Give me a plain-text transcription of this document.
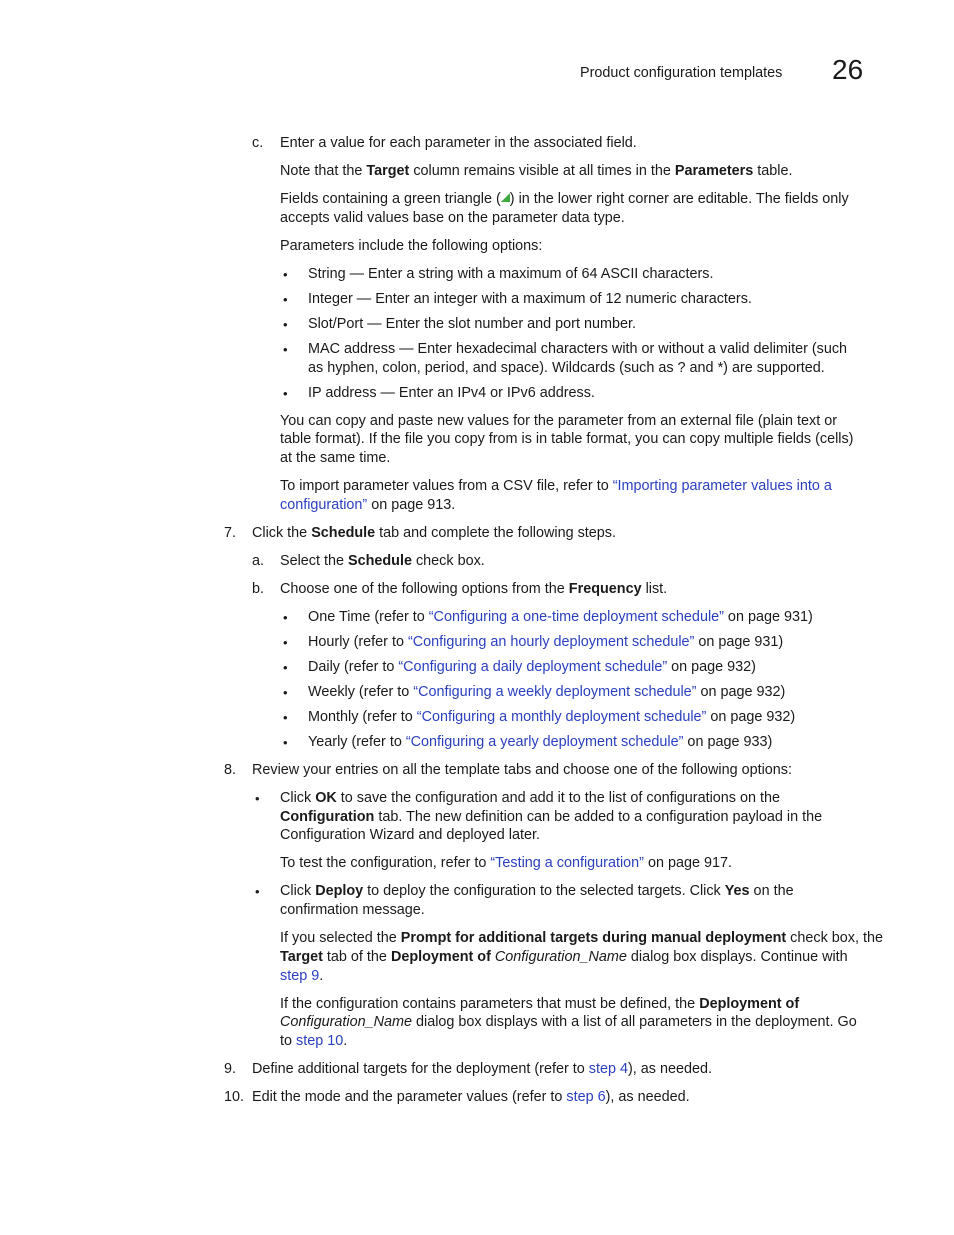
Product configuration templates 26
c. Enter a value for each parameter in the associated field.
Note that the Target column remains visible at all times in the Parameters table.
Fields containing a green triangle ( ) in the lower right corner are editable. The fields only
accepts valid values base on the parameter data type.
Parameters include the following options:
• String — Enter a string with a maximum of 64 ASCII characters.
• Integer — Enter an integer with a maximum of 12 numeric characters.
• Slot/Port — Enter the slot number and port number.
• MAC address — Enter hexadecimal characters with or without a valid delimiter (such
as hyphen, colon, period, and space). Wildcards (such as ? and *) are supported.
• IP address — Enter an IPv4 or IPv6 address.
You can copy and paste new values for the parameter from an external file (plain text or
table format). If the file you copy from is in table format, you can copy multiple fields (cells)
at the same time.
To import parameter values from a CSV file, refer to “Importing parameter values into a
configuration” on page 913.
7. Click the Schedule tab and complete the following steps.
a. Select the Schedule check box.
b. Choose one of the following options from the Frequency list.
• One Time (refer to “Configuring a one-time deployment schedule” on page 931)
• Hourly (refer to “Configuring an hourly deployment schedule” on page 931)
• Daily (refer to “Configuring a daily deployment schedule” on page 932)
• Weekly (refer to “Configuring a weekly deployment schedule” on page 932)
• Monthly (refer to “Configuring a monthly deployment schedule” on page 932)
• Yearly (refer to “Configuring a yearly deployment schedule” on page 933)
8. Review your entries on all the template tabs and choose one of the following options:
• Click OK to save the configuration and add it to the list of configurations on the
Configuration tab. The new definition can be added to a configuration payload in the
Configuration Wizard and deployed later.
To test the configuration, refer to “Testing a configuration” on page 917.
• Click Deploy to deploy the configuration to the selected targets. Click Yes on the
confirmation message.
If you selected the Prompt for additional targets during manual deployment check box, the
Target tab of the Deployment of Configuration_Name dialog box displays. Continue with
step 9.
If the configuration contains parameters that must be defined, the Deployment of
Configuration_Name dialog box displays with a list of all parameters in the deployment. Go
to step 10.
9. Define additional targets for the deployment (refer to step 4), as needed.
10. Edit the mode and the parameter values (refer to step 6), as needed.
